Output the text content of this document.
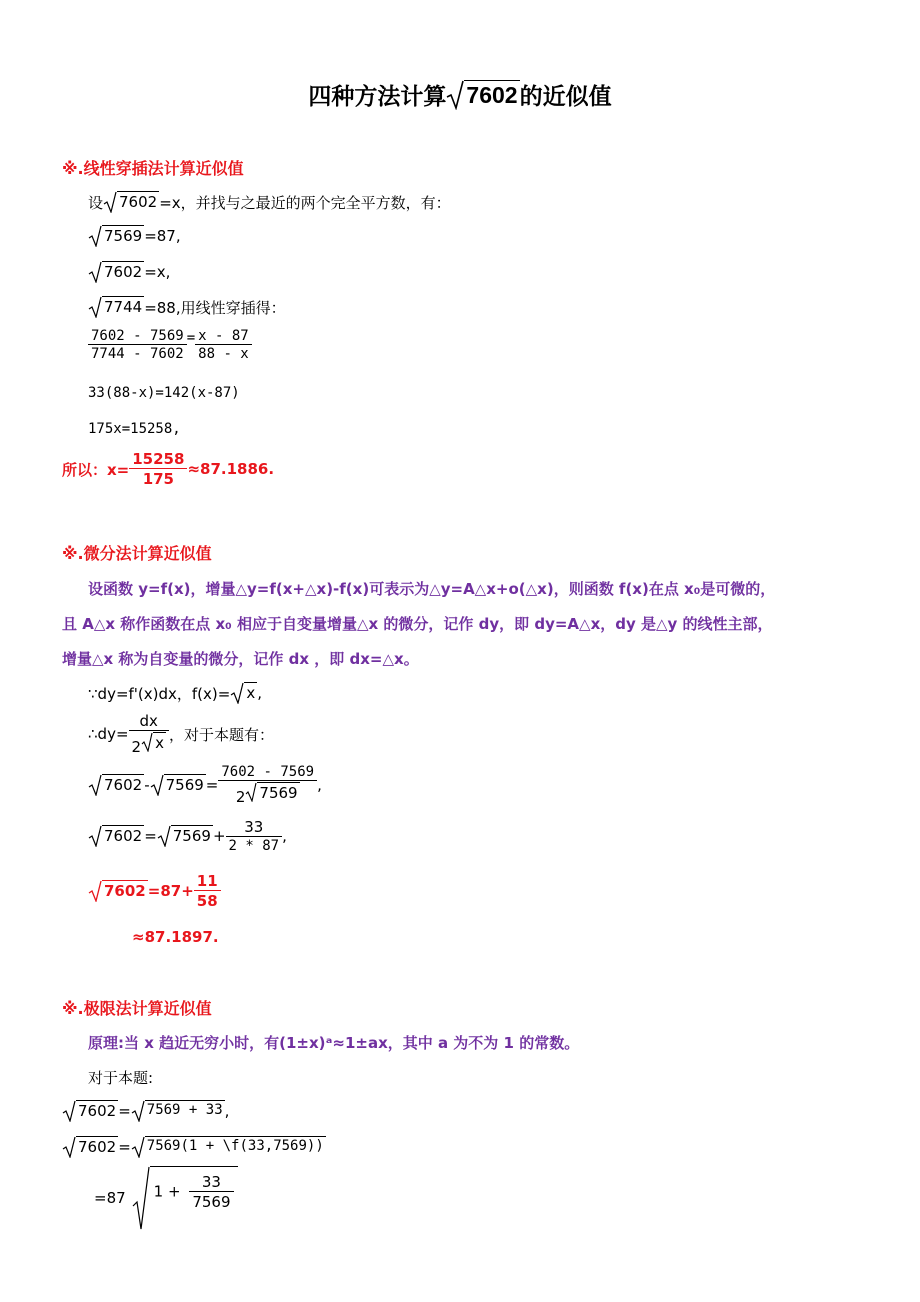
四种方法计算 7602 的近似值
※.线性穿插法计算近似值
设 7602 =x，并找与之最近的两个完全平方数，有：
7569 =87,
7602 =x,
7744 =88,用线性穿插得：
$\frac{7602 - 7569}{7744 - 7602} = \frac{x - 87}{88 - x}$
33(88-x)=142(x-87)
175x=15258,
所以：$x= \frac{15258}{175} \approx 87.1886$.
※.微分法计算近似值
设函数 y=f(x)，增量△y=f(x+△x)-f(x)可表示为△y=A△x+o(△x)，则函数 f(x)在点 x₀是可微的，
且 A△x 称作函数在点 x₀ 相应于自变量增量△x 的微分，记作 dy，即 dy=A△x，dy 是△y 的线性主部，
增量△x 称为自变量的微分，记作 dx ，即 dx=△x。
∵dy=f'(x)dx，f(x)= x ,
∴dy= $\frac{dx}{2 x}$ ，对于本题有：
$7602 - 7569 = \frac{7602 - 7569}{2 7569}$ ,
$7602 = 7569 + \frac{33}{2 * 87}$ ,
$7602 =87+ \frac{11}{58}$
≈87.1897.
※.极限法计算近似值
原理:当 x 趋近无穷小时，有(1±x)ᵃ≈1±ax，其中 a 为不为 1 的常数。
对于本题:
7602 = 7569 + 33 ,
7602 = 7569(1 + \f(33,7569))
=87 $1 + \frac{33}{7569}$
